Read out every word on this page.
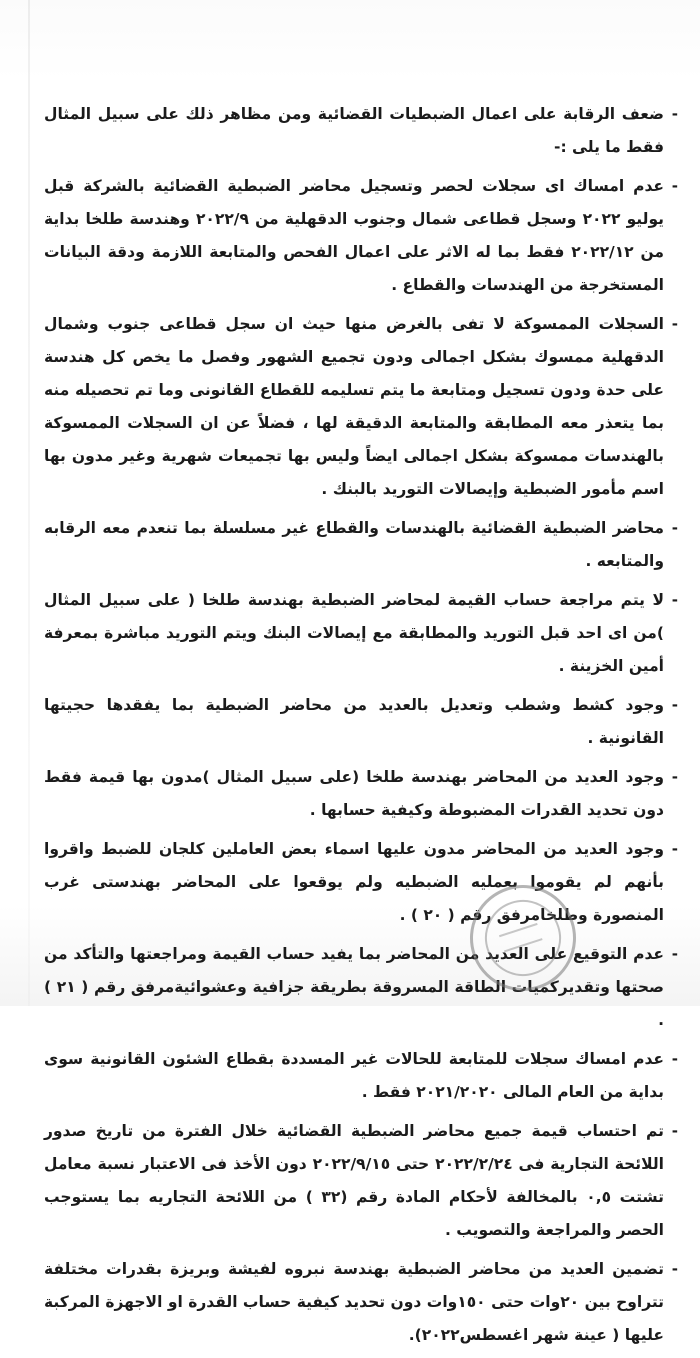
-
ضعف الرقابة على اعمال الضبطيات القضائية ومن مظاهر ذلك على سبيل المثال فقط ما يلى :-
-
عدم امساك اى سجلات لحصر وتسجيل محاضر الضبطية القضائية بالشركة قبل يوليو ٢٠٢٢ وسجل قطاعى شمال وجنوب الدقهلية من ٢٠٢٢/٩ وهندسة طلخا بداية من ٢٠٢٢/١٢ فقط بما له الاثر على اعمال الفحص والمتابعة اللازمة ودقة البيانات المستخرجة من الهندسات والقطاع .
-
السجلات الممسوكة لا تفى بالغرض منها حيث ان سجل قطاعى جنوب وشمال الدقهلية ممسوك بشكل اجمالى ودون تجميع الشهور وفصل ما يخص كل هندسة على حدة ودون تسجيل ومتابعة ما يتم تسليمه للقطاع القانونى وما تم تحصيله منه بما يتعذر معه المطابقة والمتابعة الدقيقة لها ، فضلاً عن ان السجلات الممسوكة بالهندسات ممسوكة بشكل اجمالى ايضاً وليس بها تجميعات شهرية وغير مدون بها اسم مأمور الضبطية وإيصالات التوريد بالبنك .
-
محاضر الضبطية القضائية بالهندسات والقطاع غير مسلسلة بما تنعدم معه الرقابه والمتابعه .
-
لا يتم مراجعة حساب القيمة لمحاضر الضبطية بهندسة طلخا ( على سبيل المثال )من اى احد قبل التوريد والمطابقة مع إيصالات البنك ويتم التوريد مباشرة بمعرفة أمين الخزينة .
-
وجود كشط وشطب وتعديل بالعديد من محاضر الضبطية بما يفقدها حجيتها القانونية .
-
وجود العديد من المحاضر بهندسة طلخا (على سبيل المثال )مدون بها قيمة فقط دون تحديد القدرات المضبوطة وكيفية حسابها .
-
وجود العديد من المحاضر مدون عليها اسماء بعض العاملين كلجان للضبط واقروا بأنهم لم يقوموا بعمليه الضبطيه ولم يوقعوا على المحاضر بهندستى غرب المنصورة وطلخامرفق رقم ( ٢٠ ) .
-
عدم التوقيع على العديد من المحاضر بما يفيد حساب القيمة ومراجعتها والتأكد من صحتها وتقديركميات الطاقة المسروقة بطريقة جزافية وعشوائيةمرفق رقم ( ٢١ ) .
-
عدم امساك سجلات للمتابعة للحالات غير المسددة بقطاع الشئون القانونية سوى بداية من العام المالى ٢٠٢١/٢٠٢٠ فقط .
-
تم احتساب قيمة جميع محاضر الضبطية القضائية خلال الفترة من تاريخ صدور اللائحة التجارية فى ٢٠٢٢/٢/٢٤ حتى ٢٠٢٢/٩/١٥ دون الأخذ فى الاعتبار نسبة معامل تشتت ٠,٥ بالمخالفة لأحكام المادة رقم (٣٢ ) من اللائحة التجاريه بما يستوجب الحصر والمراجعة والتصويب .
-
تضمين العديد من محاضر الضبطية بهندسة نبروه لفيشة وبريزة بقدرات مختلفة تتراوح بين ٢٠وات حتى ١٥٠وات دون تحديد كيفية حساب القدرة او الاجهزة المركبة عليها ( عينة شهر اغسطس٢٠٢٢).
